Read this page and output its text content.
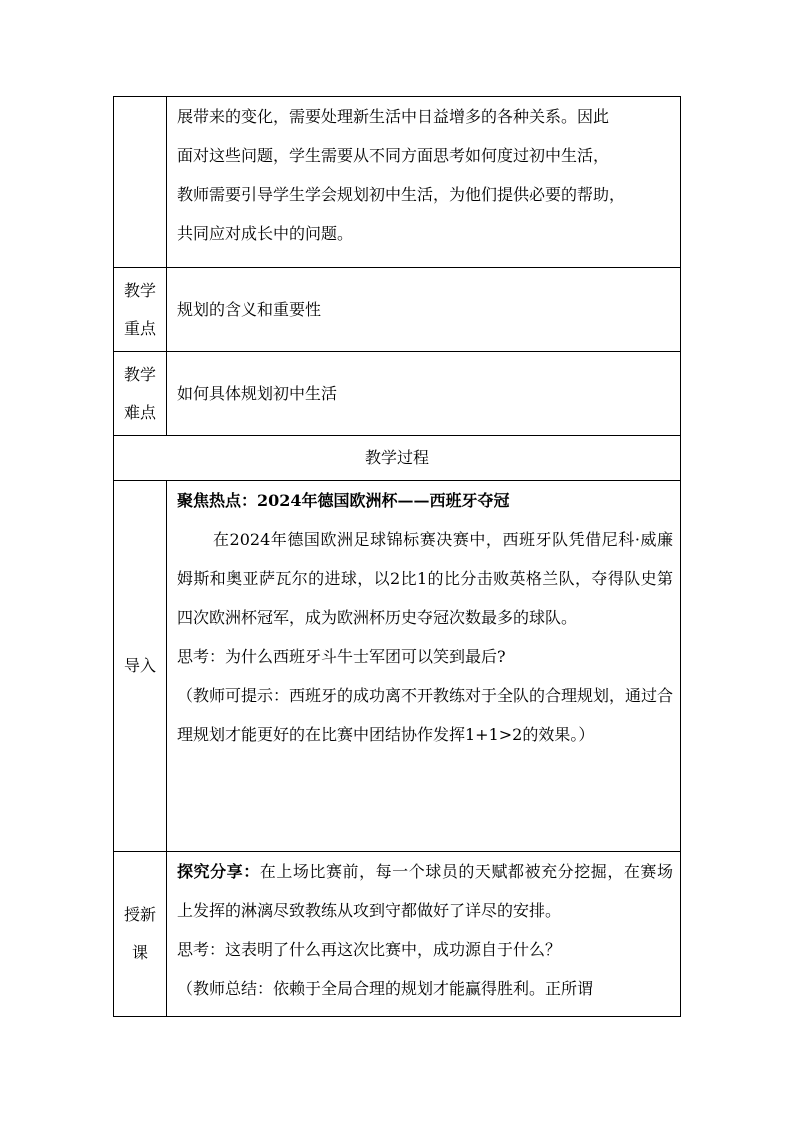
	展带来的变化，需要处理新生活中日益增多的各种关系。因此

面对这些问题，学生需要从不同方面思考如何度过初中生活，

教师需要引导学生学会规划初中生活，为他们提供必要的帮助，

共同应对成长中的问题。

教学重点	规划的含义和重要性
教学难点	如何具体规划初中生活
教学过程	
导入	聚焦热点：2024年德国欧洲杯——西班牙夺冠

在2024年德国欧洲足球锦标赛决赛中，西班牙队凭借尼科·威廉姆斯和奥亚萨瓦尔的进球，以2比1的比分击败英格兰队，夺得队史第四次欧洲杯冠军，成为欧洲杯历史夺冠次数最多的球队。

思考：为什么西班牙斗牛士军团可以笑到最后?

（教师可提示：西班牙的成功离不开教练对于全队的合理规划，通过合理规划才能更好的在比赛中团结协作发挥1+1>2的效果。）

授新课	探究分享：在上场比赛前，每一个球员的天赋都被充分挖掘，在赛场上发挥的淋漓尽致教练从攻到守都做好了详尽的安排。

思考：这表明了什么再这次比赛中，成功源自于什么？

（教师总结：依赖于全局合理的规划才能赢得胜利。正所谓
